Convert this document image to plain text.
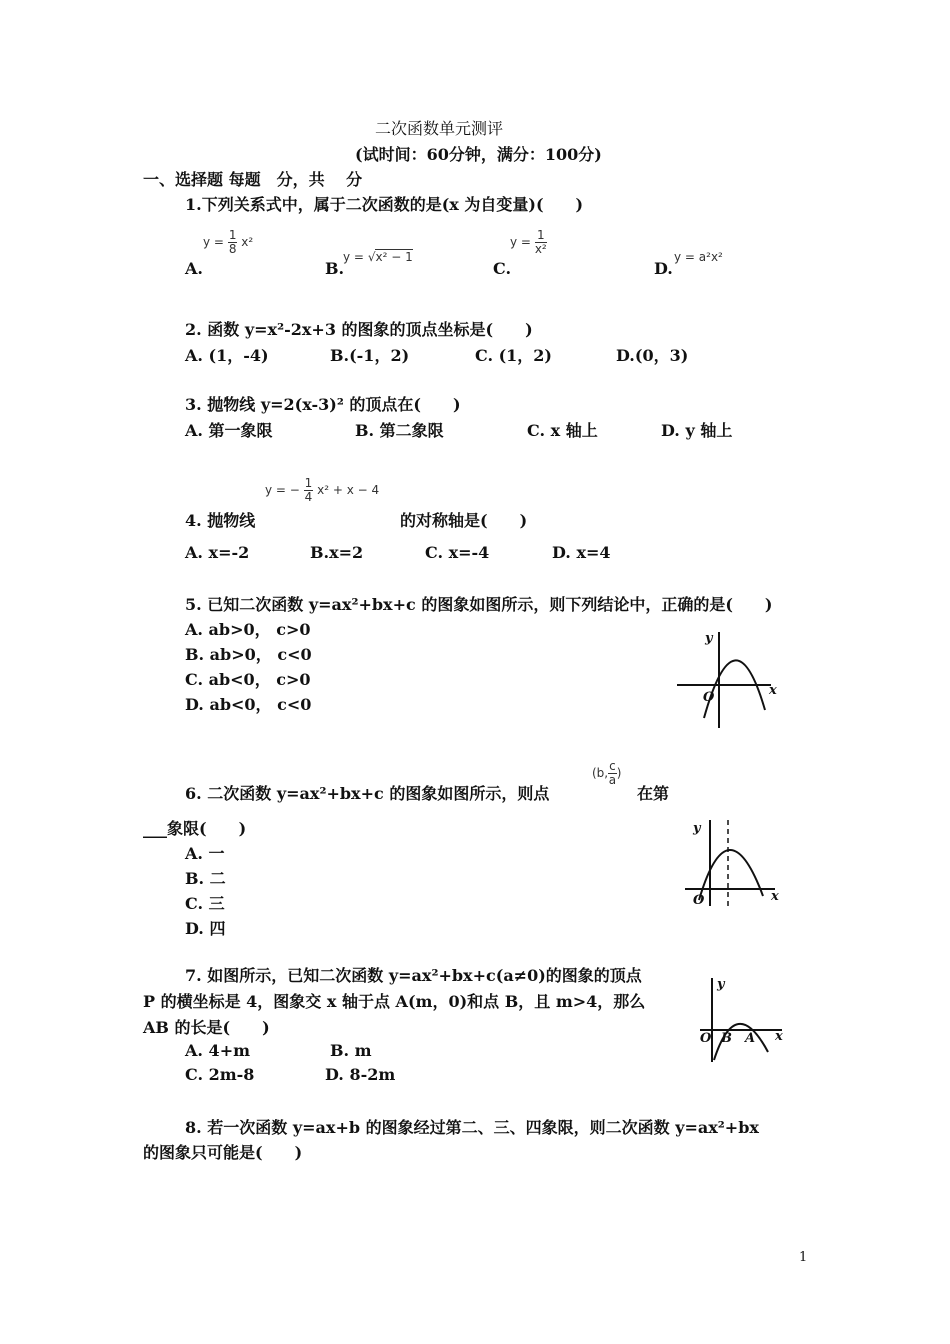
二次函数单元测评
(试时间：60分钟，满分：100分)
一、选择题 每题　分，共　 分
1.下列关系式中，属于二次函数的是(x 为自变量)(　　)
A.
$y = \frac{1}{8} x^2$
B.
y = √x² − 1
C.
$y = \frac{1}{\text{x²}}$
D.
y = a²x²
2. 函数 y=x²-2x+3 的图象的顶点坐标是(　　)
A. (1，-4)	B.(-1，2)	C. (1，2)	D.(0，3)
3. 抛物线 y=2(x-3)² 的顶点在(　　)
A. 第一象限	B. 第二象限	C. x 轴上	D. y 轴上
4. 抛物线
y = − $\frac{1}{4} x^2 + x - 4$
的对称轴是(　　)
A. x=-2	B.x=2	C. x=-4	D. x=4
5. 已知二次函数 y=ax²+bx+c 的图象如图所示，则下列结论中，正确的是(　　)
A. ab>0， c>0
B. ab>0， c<0
C. ab<0， c>0
D. ab<0， c<0
y
x
O
6. 二次函数 y=ax²+bx+c 的图象如图所示，则点
(b, $\frac{c}{a}$ )
在第
___象限(　　)
A. 一
B. 二
C. 三
D. 四
y
x
O
7. 如图所示，已知二次函数 y=ax²+bx+c(a≠0)的图象的顶点
P 的横坐标是 4，图象交 x 轴于点 A(m，0)和点 B，且 m>4，那么
AB 的长是(　　)
A. 4+m	B. m
C. 2m-8	D. 8-2m
y
x
O B A
8. 若一次函数 y=ax+b 的图象经过第二、三、四象限，则二次函数 y=ax²+bx
的图象只可能是(　　)
1
